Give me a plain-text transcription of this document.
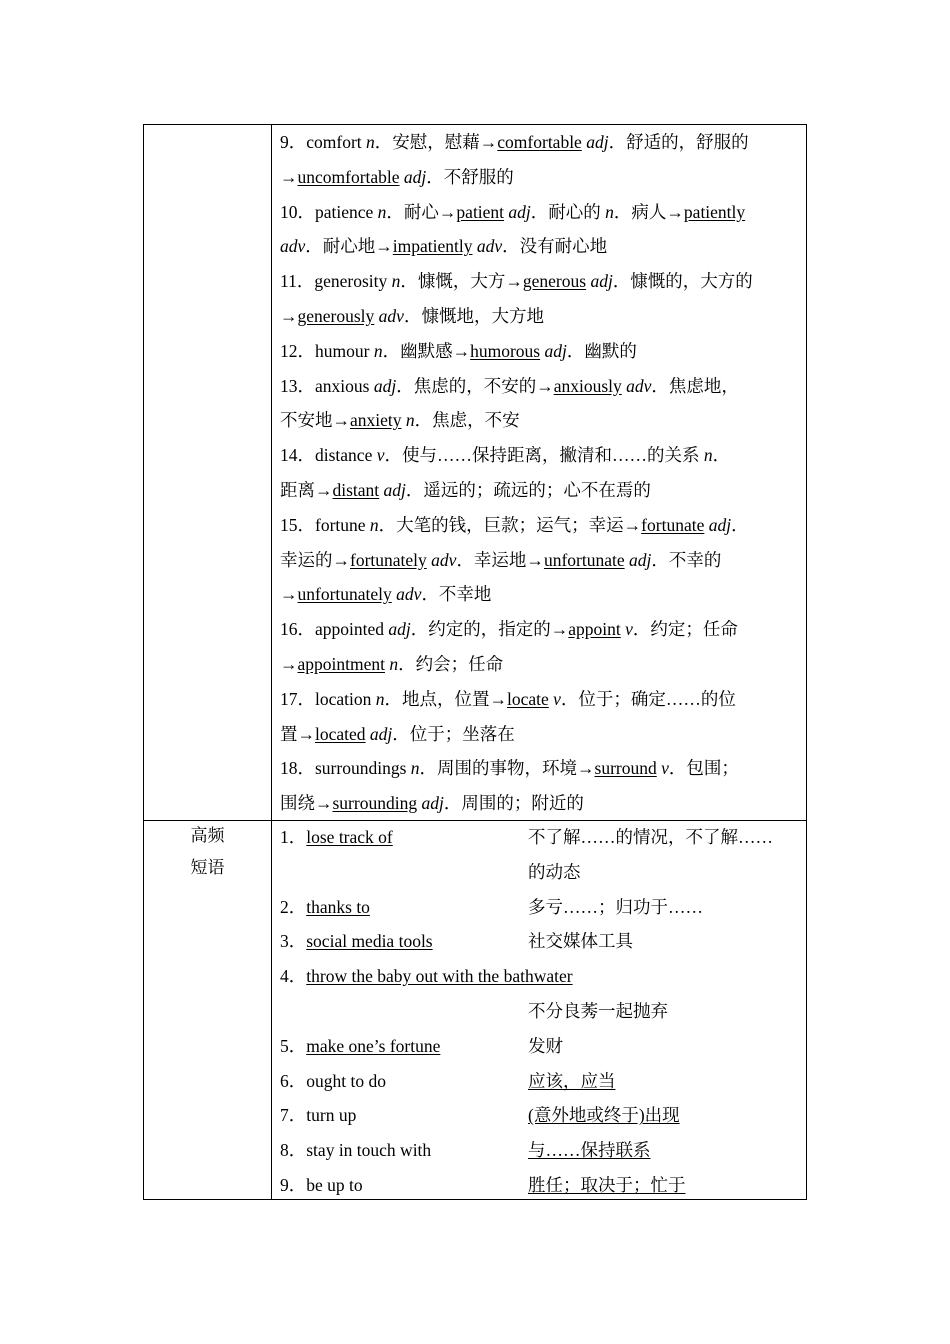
9．comfort n．安慰，慰藉→comfortable adj．舒适的，舒服的
→uncomfortable adj．不舒服的
10．patience n．耐心→patient adj．耐心的 n．病人→patiently
adv．耐心地→impatiently adv．没有耐心地
11．generosity n．慷慨，大方→generous adj．慷慨的，大方的
→generously adv．慷慨地，大方地
12．humour n．幽默感→humorous adj．幽默的
13．anxious adj．焦虑的，不安的→anxiously adv．焦虑地，
不安地→anxiety n．焦虑，不安
14．distance v．使与……保持距离，撇清和……的关系 n．
距离→distant adj．遥远的；疏远的；心不在焉的
15．fortune n．大笔的钱，巨款；运气；幸运→fortunate adj．
幸运的→fortunately adv．幸运地→unfortunate adj．不幸的
→unfortunately adv．不幸地
16．appointed adj．约定的，指定的→appoint v．约定；任命
→appointment n．约会；任命
17．location n．地点，位置→locate v．位于；确定……的位
置→located adj．位于；坐落在
18．surroundings n．周围的事物，环境→surround v．包围；
围绕→surrounding adj．周围的；附近的
高频
短语
1．lose track of	不了解……的情况，不了解……
的动态
2．thanks to	多亏……；归功于……
3．social media tools	社交媒体工具
4．throw the baby out with the bathwater
不分良莠一起抛弃
5．make one’s fortune	发财
6．ought to do	应该，应当
7．turn up	(意外地或终于)出现
8．stay in touch with	与……保持联系
9．be up to	胜任；取决于；忙于
